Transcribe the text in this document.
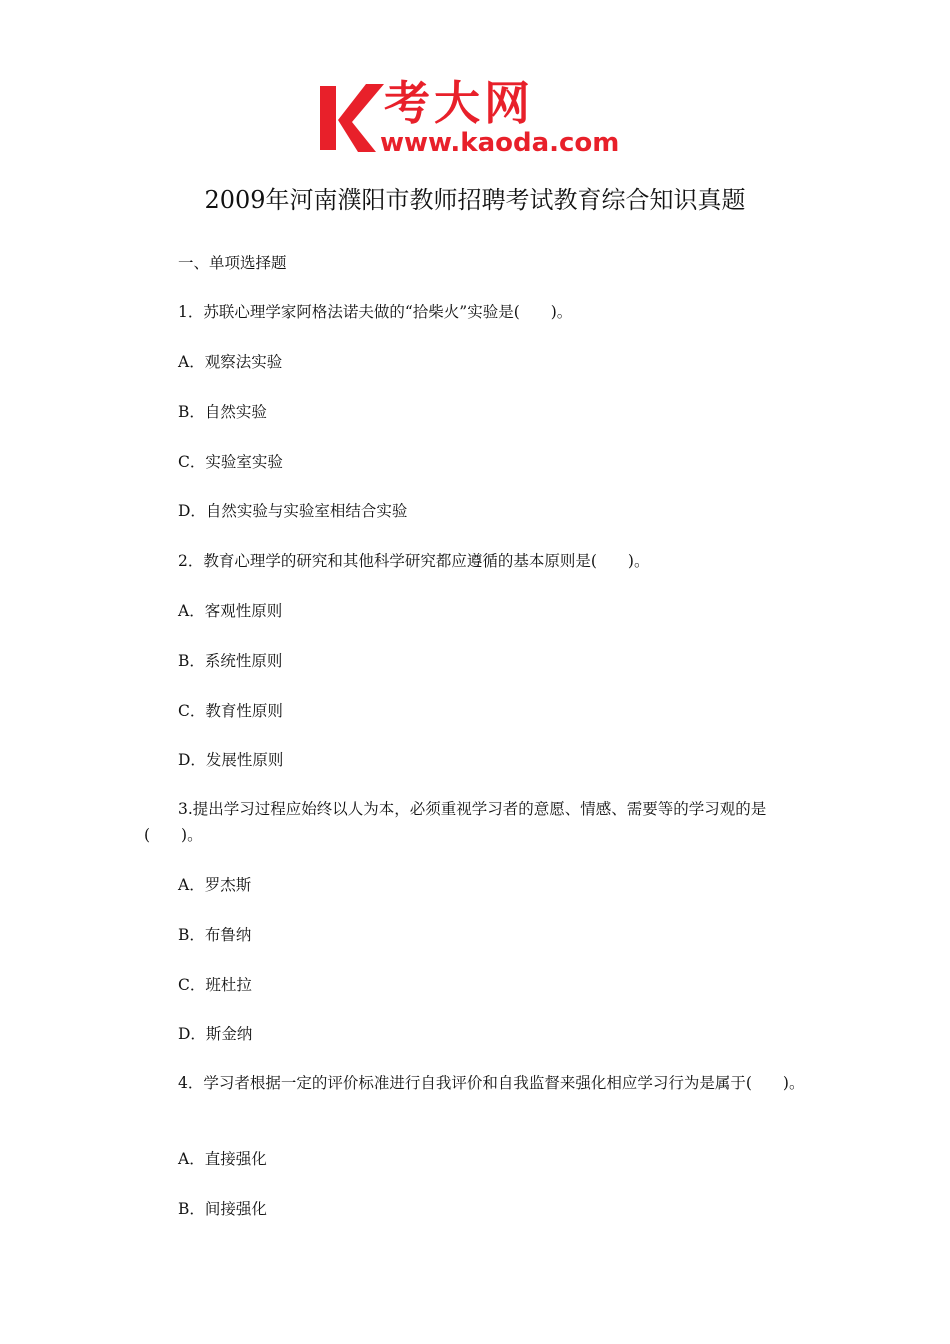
考大网
www.kaoda.com
2009年河南濮阳市教师招聘考试教育综合知识真题
一、单项选择题
1．苏联心理学家阿格法诺夫做的“拾柴火”实验是(　　)。
A．观察法实验
B．自然实验
C．实验室实验
D．自然实验与实验室相结合实验
2．教育心理学的研究和其他科学研究都应遵循的基本原则是(　　)。
A．客观性原则
B．系统性原则
C．教育性原则
D．发展性原则
3.提出学习过程应始终以人为本，必须重视学习者的意愿、情感、需要等的学习观的是(　　)。
A．罗杰斯
B．布鲁纳
C．班杜拉
D．斯金纳
4．学习者根据一定的评价标准进行自我评价和自我监督来强化相应学习行为是属于(　　)。
A．直接强化
B．间接强化
